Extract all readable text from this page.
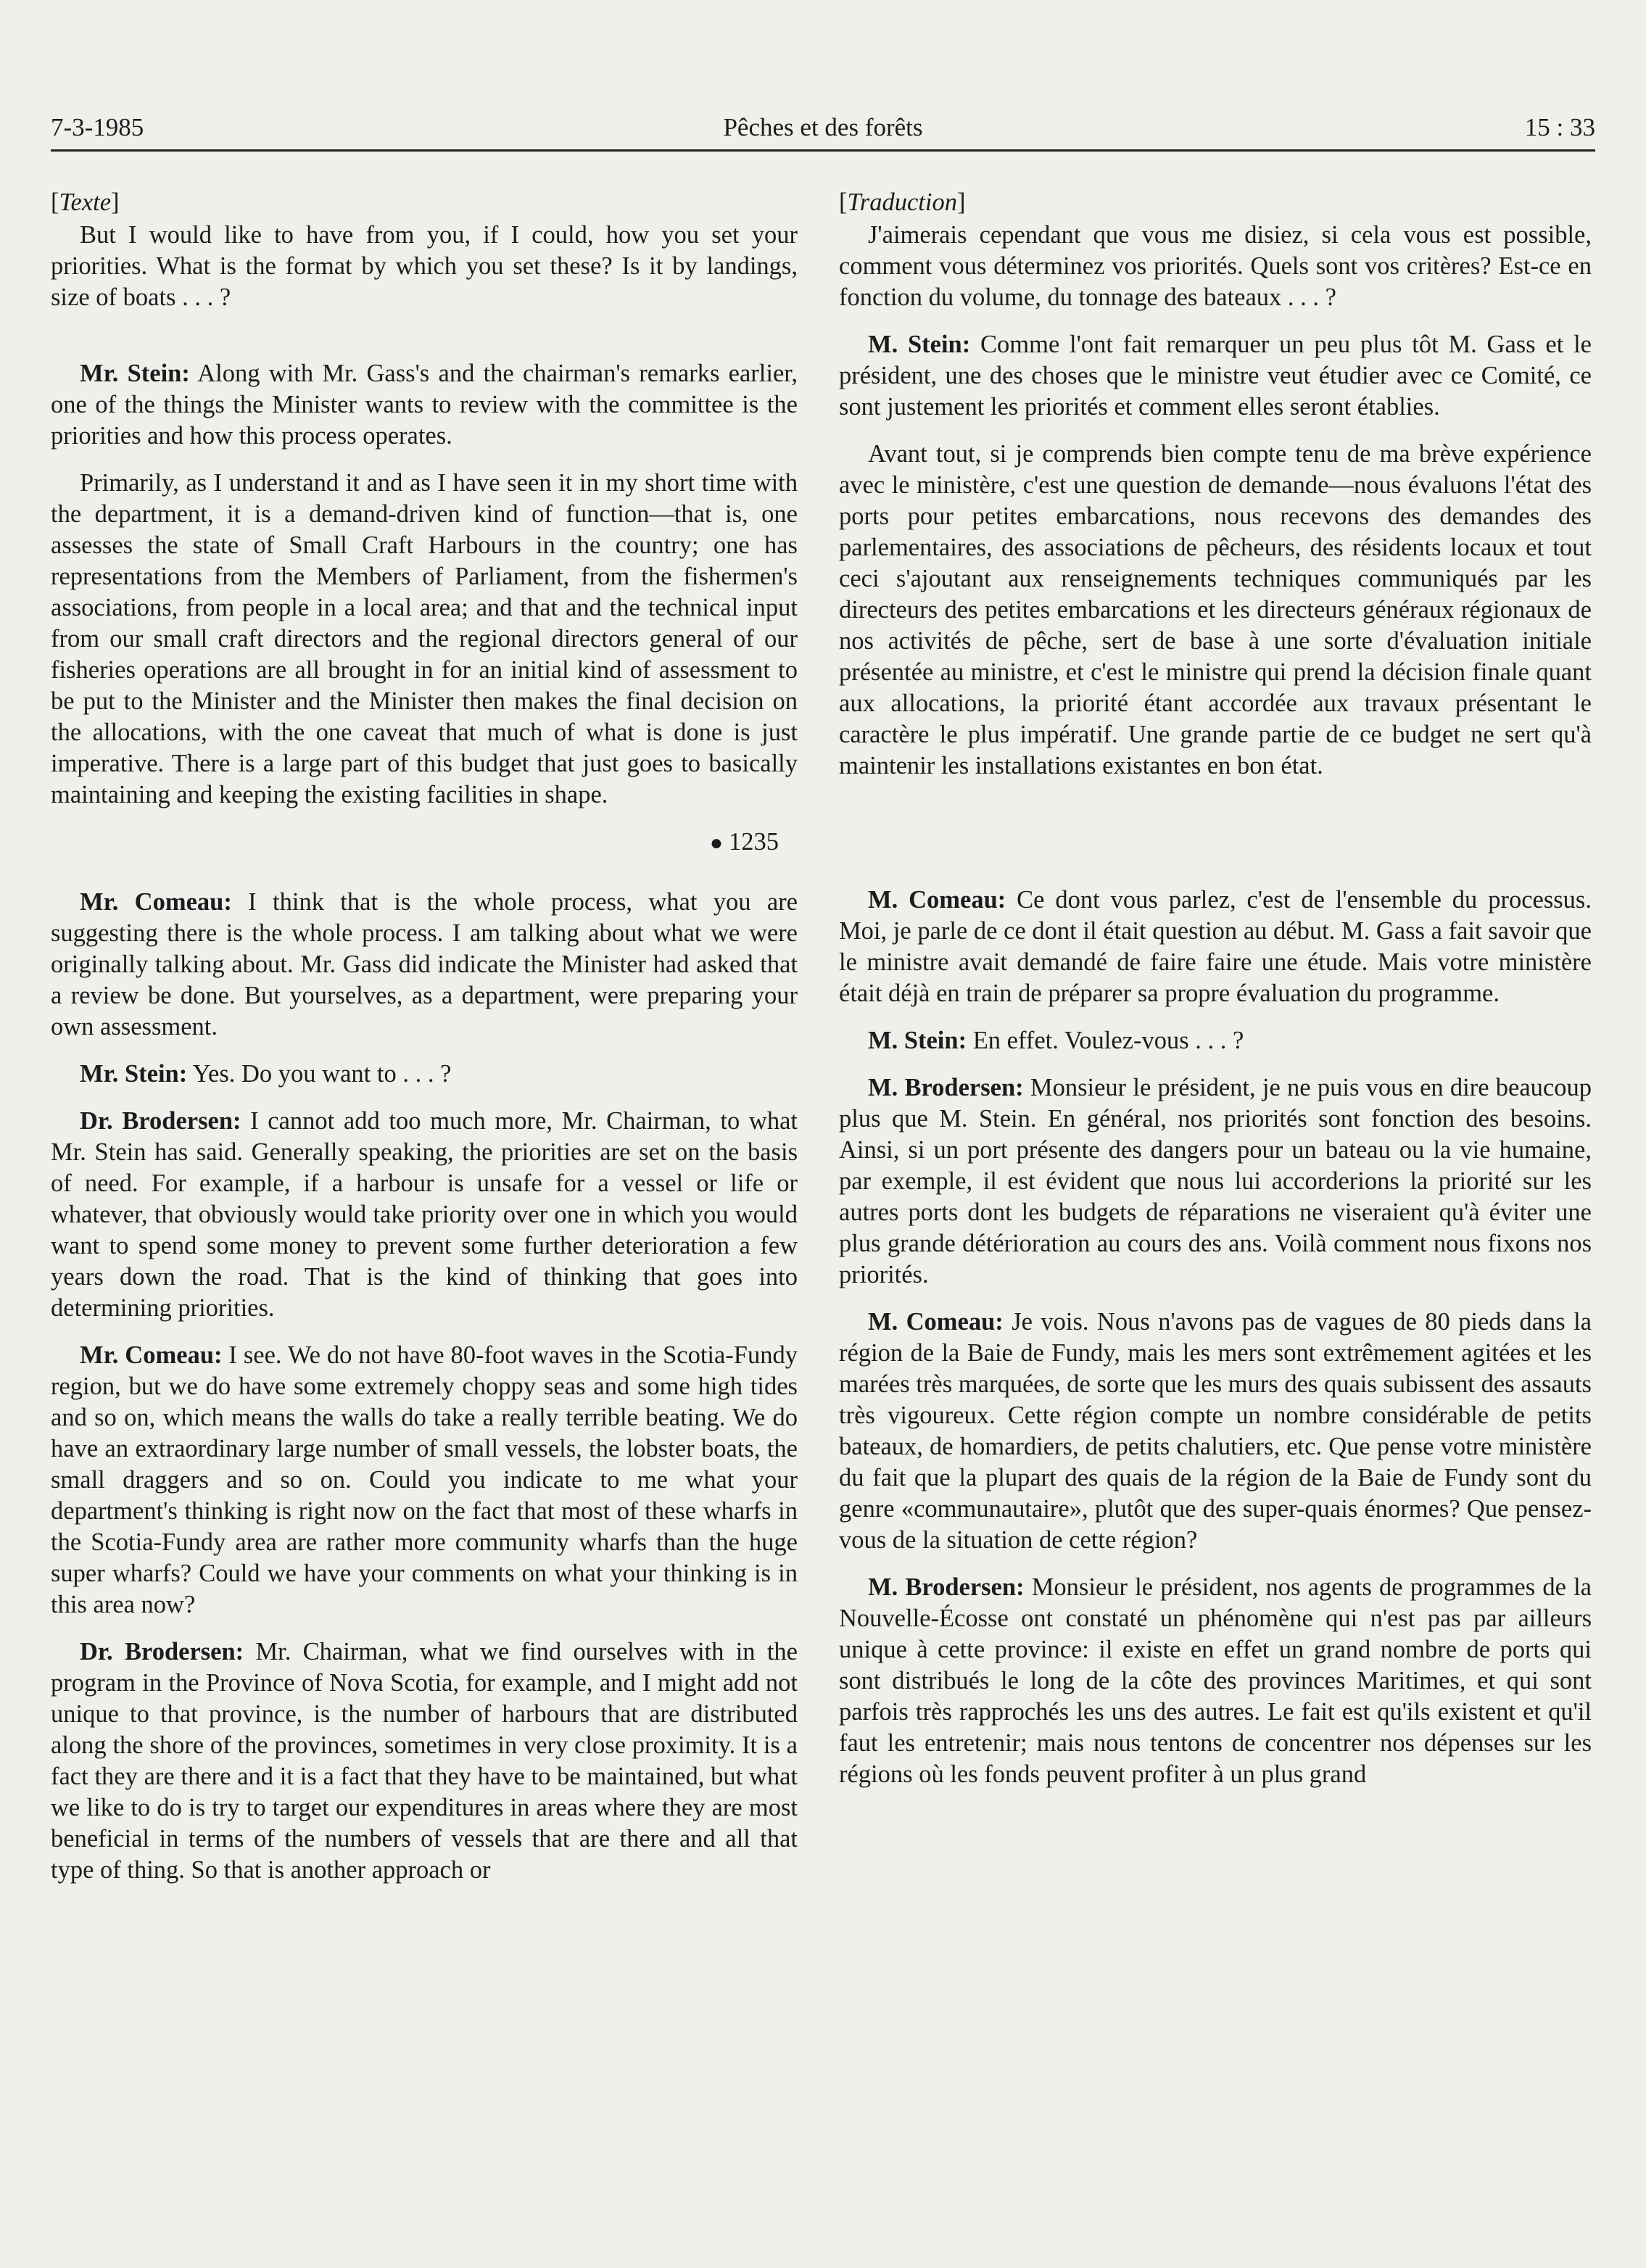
7-3-1985	Pêches et des forêts	15 : 33

[Texte]

But I would like to have from you, if I could, how you set your priorities. What is the format by which you set these? Is it by landings, size of boats . . . ?

Mr. Stein: Along with Mr. Gass's and the chairman's remarks earlier, one of the things the Minister wants to review with the committee is the priorities and how this process operates.

Primarily, as I understand it and as I have seen it in my short time with the department, it is a demand-driven kind of function—that is, one assesses the state of Small Craft Harbours in the country; one has representations from the Members of Parliament, from the fishermen's associations, from people in a local area; and that and the technical input from our small craft directors and the regional directors general of our fisheries operations are all brought in for an initial kind of assessment to be put to the Minister and the Minister then makes the final decision on the allocations, with the one caveat that much of what is done is just imperative. There is a large part of this budget that just goes to basically maintaining and keeping the existing facilities in shape.

● 1235

Mr. Comeau: I think that is the whole process, what you are suggesting there is the whole process. I am talking about what we were originally talking about. Mr. Gass did indicate the Minister had asked that a review be done. But yourselves, as a department, were preparing your own assessment.

Mr. Stein: Yes. Do you want to . . . ?

Dr. Brodersen: I cannot add too much more, Mr. Chairman, to what Mr. Stein has said. Generally speaking, the priorities are set on the basis of need. For example, if a harbour is unsafe for a vessel or life or whatever, that obviously would take priority over one in which you would want to spend some money to prevent some further deterioration a few years down the road. That is the kind of thinking that goes into determining priorities.

Mr. Comeau: I see. We do not have 80-foot waves in the Scotia-Fundy region, but we do have some extremely choppy seas and some high tides and so on, which means the walls do take a really terrible beating. We do have an extraordinary large number of small vessels, the lobster boats, the small draggers and so on. Could you indicate to me what your department's thinking is right now on the fact that most of these wharfs in the Scotia-Fundy area are rather more community wharfs than the huge super wharfs? Could we have your comments on what your thinking is in this area now?

Dr. Brodersen: Mr. Chairman, what we find ourselves with in the program in the Province of Nova Scotia, for example, and I might add not unique to that province, is the number of harbours that are distributed along the shore of the provinces, sometimes in very close proximity. It is a fact they are there and it is a fact that they have to be maintained, but what we like to do is try to target our expenditures in areas where they are most beneficial in terms of the numbers of vessels that are there and all that type of thing. So that is another approach or

[Traduction]

J'aimerais cependant que vous me disiez, si cela vous est possible, comment vous déterminez vos priorités. Quels sont vos critères? Est-ce en fonction du volume, du tonnage des bateaux . . . ?

M. Stein: Comme l'ont fait remarquer un peu plus tôt M. Gass et le président, une des choses que le ministre veut étudier avec ce Comité, ce sont justement les priorités et comment elles seront établies.

Avant tout, si je comprends bien compte tenu de ma brève expérience avec le ministère, c'est une question de demande—nous évaluons l'état des ports pour petites embarcations, nous recevons des demandes des parlementaires, des associations de pêcheurs, des résidents locaux et tout ceci s'ajoutant aux renseignements techniques communiqués par les directeurs des petites embarcations et les directeurs généraux régionaux de nos activités de pêche, sert de base à une sorte d'évaluation initiale présentée au ministre, et c'est le ministre qui prend la décision finale quant aux allocations, la priorité étant accordée aux travaux présentant le caractère le plus impératif. Une grande partie de ce budget ne sert qu'à maintenir les installations existantes en bon état.

M. Comeau: Ce dont vous parlez, c'est de l'ensemble du processus. Moi, je parle de ce dont il était question au début. M. Gass a fait savoir que le ministre avait demandé de faire faire une étude. Mais votre ministère était déjà en train de préparer sa propre évaluation du programme.

M. Stein: En effet. Voulez-vous . . . ?

M. Brodersen: Monsieur le président, je ne puis vous en dire beaucoup plus que M. Stein. En général, nos priorités sont fonction des besoins. Ainsi, si un port présente des dangers pour un bateau ou la vie humaine, par exemple, il est évident que nous lui accorderions la priorité sur les autres ports dont les budgets de réparations ne viseraient qu'à éviter une plus grande détérioration au cours des ans. Voilà comment nous fixons nos priorités.

M. Comeau: Je vois. Nous n'avons pas de vagues de 80 pieds dans la région de la Baie de Fundy, mais les mers sont extrêmement agitées et les marées très marquées, de sorte que les murs des quais subissent des assauts très vigoureux. Cette région compte un nombre considérable de petits bateaux, de homardiers, de petits chalutiers, etc. Que pense votre ministère du fait que la plupart des quais de la région de la Baie de Fundy sont du genre «communautaire», plutôt que des super-quais énormes? Que pensez-vous de la situation de cette région?

M. Brodersen: Monsieur le président, nos agents de programmes de la Nouvelle-Écosse ont constaté un phénomène qui n'est pas par ailleurs unique à cette province: il existe en effet un grand nombre de ports qui sont distribués le long de la côte des provinces Maritimes, et qui sont parfois très rapprochés les uns des autres. Le fait est qu'ils existent et qu'il faut les entretenir; mais nous tentons de concentrer nos dépenses sur les régions où les fonds peuvent profiter à un plus grand
